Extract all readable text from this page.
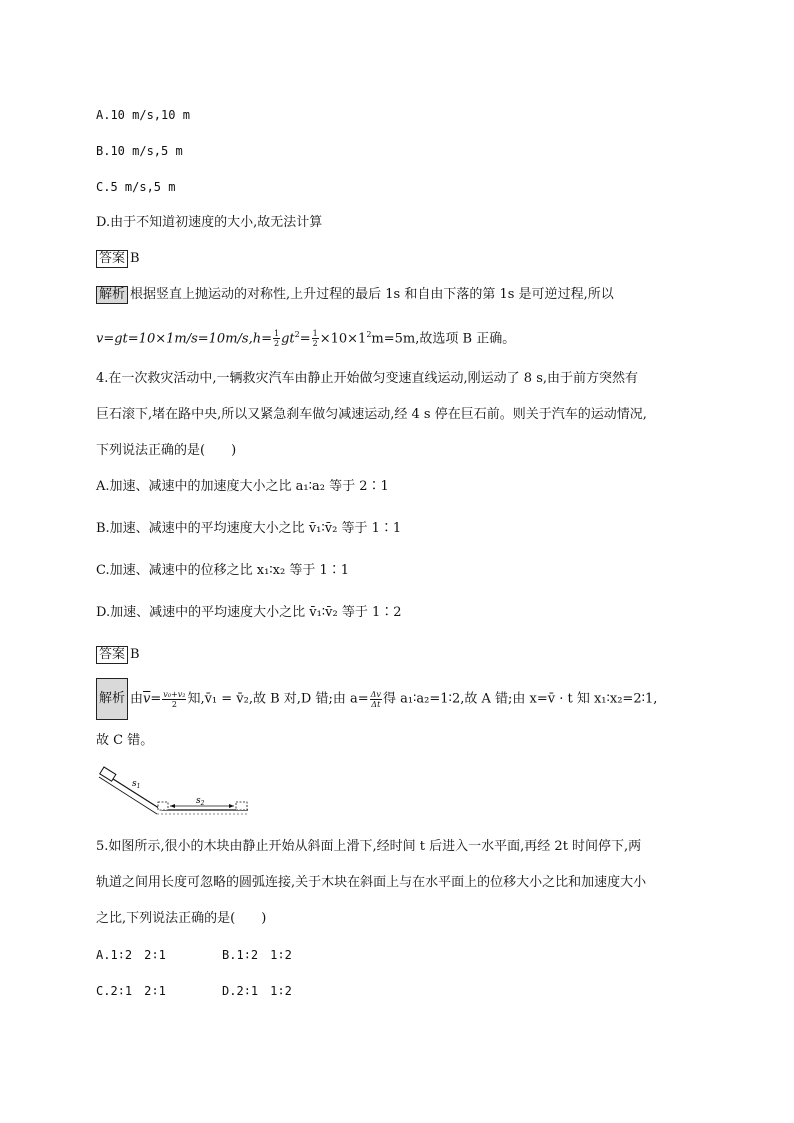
A.10 m/s,10 m
B.10 m/s,5 m
C.5 m/s,5 m
D.由于不知道初速度的大小,故无法计算
答案 B
解析 根据竖直上抛运动的对称性,上升过程的最后 1s 和自由下落的第 1s 是可逆过程,所以
$v=gt=10\times 1m/s=10m/s,h= \frac{1}{2} gt^2= \frac{1}{2} \times 10\times 1^2m=5m$,故选项 B 正确。
4.在一次救灾活动中,一辆救灾汽车由静止开始做匀变速直线运动,刚运动了 8 s,由于前方突然有
巨石滚下,堵在路中央,所以又紧急刹车做匀减速运动,经 4 s 停在巨石前。则关于汽车的运动情况,
下列说法正确的是(　　)
A.加速、减速中的加速度大小之比 a₁∶a₂ 等于 2∶1
B.加速、减速中的平均速度大小之比 v̄₁∶v̄₂ 等于 1∶1
C.加速、减速中的位移之比 x₁∶x₂ 等于 1∶1
D.加速、减速中的平均速度大小之比 v̄₁∶v̄₂ 等于 1∶2
答案 B
解析 由$\overline{v}= \frac{\text{v₀+v₂}}{2}$ 知,v̄₁ = v̄₂,故 B 对,D 错;由 $a= \frac{\Delta v}{\Delta t}$ 得 a₁∶a₂=1∶2,故 A 错;由 x=v̄ · t 知 x₁∶x₂=2∶1,
故 C 错。
$s_1$
$s_2$
5.如图所示,很小的木块由静止开始从斜面上滑下,经时间 t 后进入一水平面,再经 2t 时间停下,两
轨道之间用长度可忽略的圆弧连接,关于木块在斜面上与在水平面上的位移大小之比和加速度大小
之比,下列说法正确的是(　　)
A.1∶2　2∶1	B.1∶2　1∶2
C.2∶1　2∶1	D.2∶1　1∶2
